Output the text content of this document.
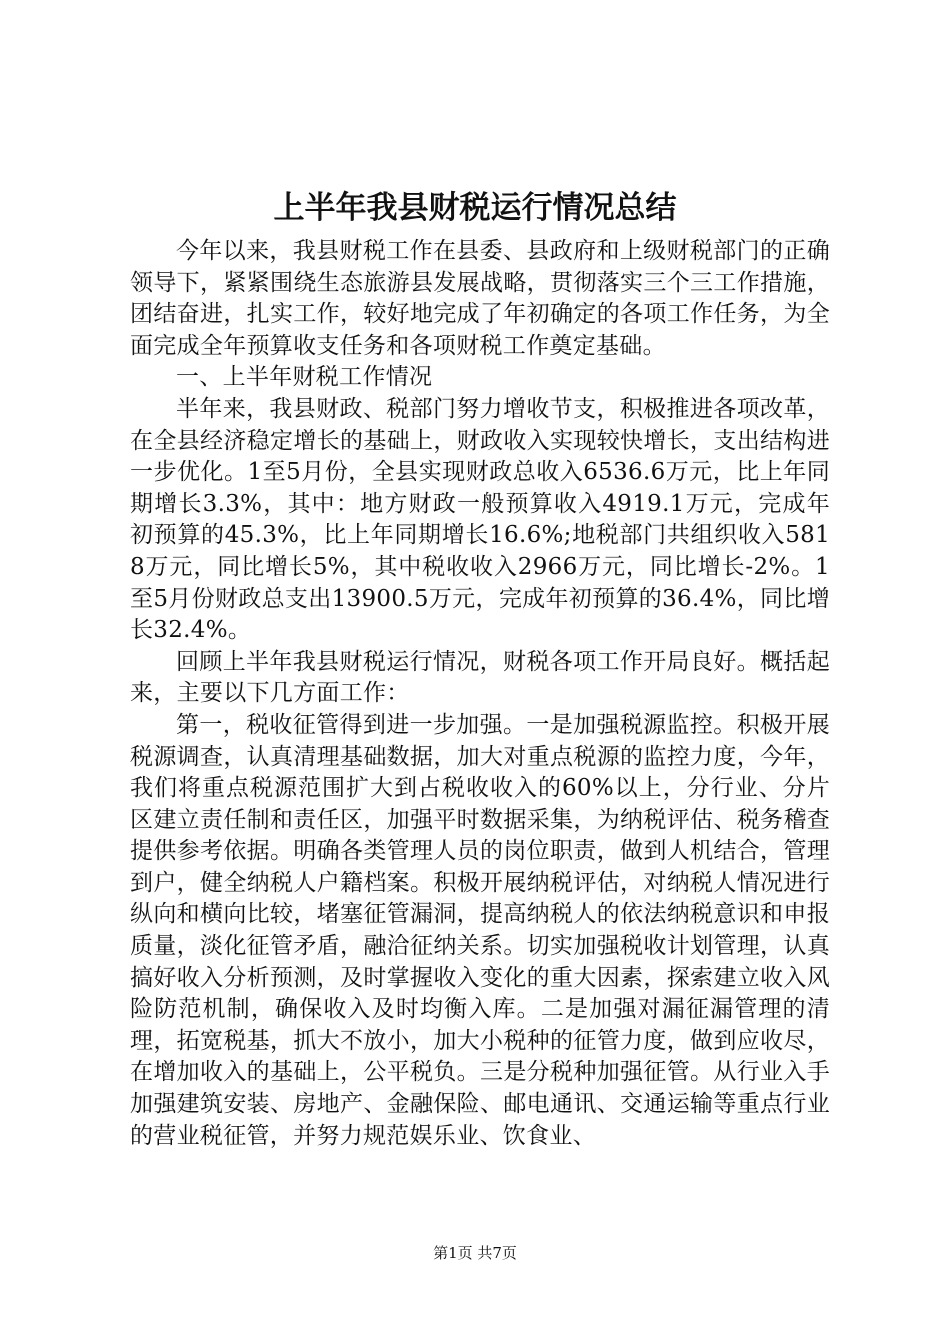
上半年我县财税运行情况总结

今年以来，我县财税工作在县委、县政府和上级财税部门的正确领导下，紧紧围绕生态旅游县发展战略，贯彻落实三个三工作措施，团结奋进，扎实工作，较好地完成了年初确定的各项工作任务，为全面完成全年预算收支任务和各项财税工作奠定基础。

一、上半年财税工作情况

半年来，我县财政、税部门努力增收节支，积极推进各项改革，在全县经济稳定增长的基础上，财政收入实现较快增长，支出结构进一步优化。1至5月份，全县实现财政总收入6536.6万元，比上年同期增长3.3%，其中：地方财政一般预算收入4919.1万元，完成年初预算的45.3%，比上年同期增长16.6%;地税部门共组织收入5818万元，同比增长5%，其中税收收入2966万元，同比增长-2%。1至5月份财政总支出13900.5万元，完成年初预算的36.4%，同比增长32.4%。

回顾上半年我县财税运行情况，财税各项工作开局良好。概括起来，主要以下几方面工作：

第一，税收征管得到进一步加强。一是加强税源监控。积极开展税源调查，认真清理基础数据，加大对重点税源的监控力度，今年，我们将重点税源范围扩大到占税收收入的60%以上，分行业、分片区建立责任制和责任区，加强平时数据采集，为纳税评估、税务稽查提供参考依据。明确各类管理人员的岗位职责，做到人机结合，管理到户，健全纳税人户籍档案。积极开展纳税评估，对纳税人情况进行纵向和横向比较，堵塞征管漏洞，提高纳税人的依法纳税意识和申报质量，淡化征管矛盾，融洽征纳关系。切实加强税收计划管理，认真搞好收入分析预测，及时掌握收入变化的重大因素，探索建立收入风险防范机制，确保收入及时均衡入库。二是加强对漏征漏管理的清理，拓宽税基，抓大不放小，加大小税种的征管力度，做到应收尽，在增加收入的基础上，公平税负。三是分税种加强征管。从行业入手加强建筑安装、房地产、金融保险、邮电通讯、交通运输等重点行业的营业税征管，并努力规范娱乐业、饮食业、

第1页 共7页
